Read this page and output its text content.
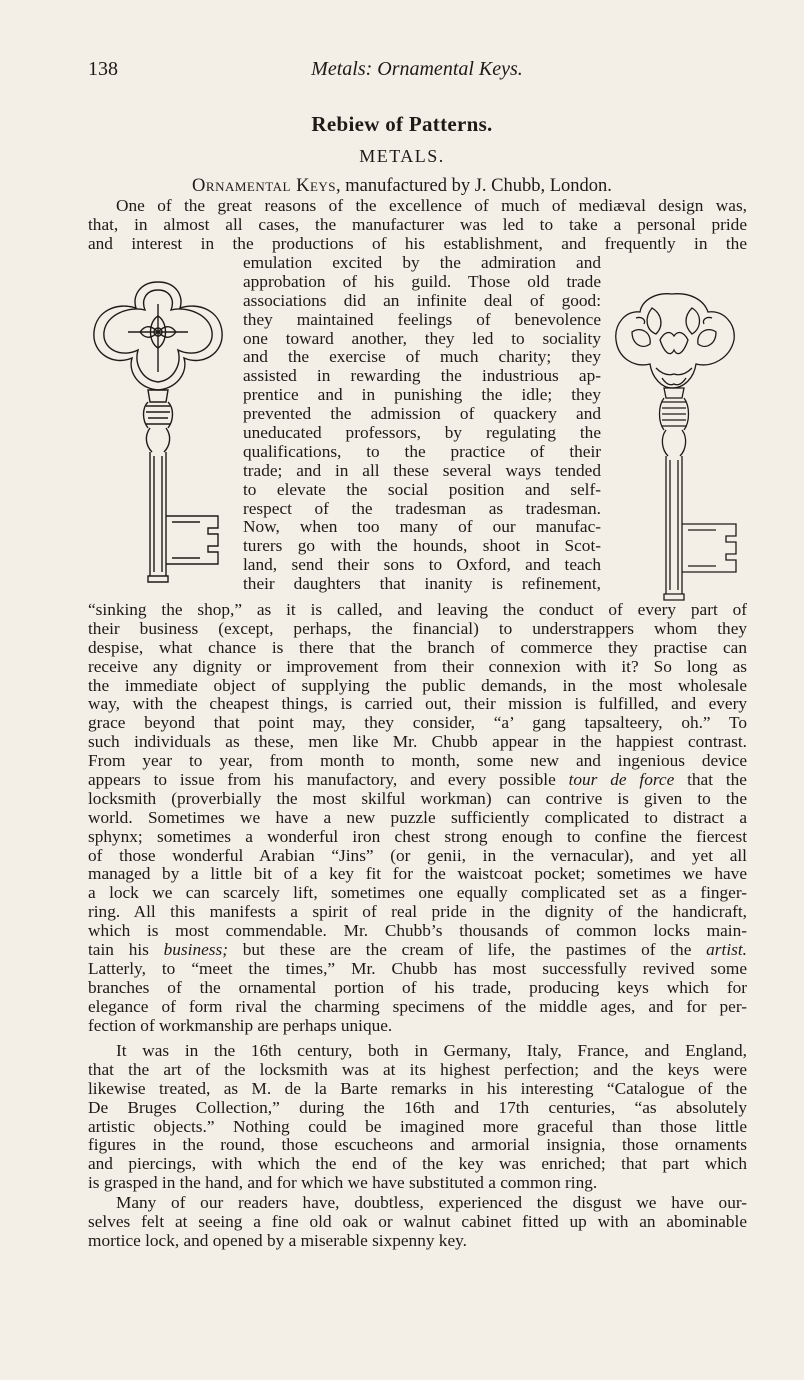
138	Metals: Ornamental Keys.
Rebiew of Patterns.
METALS.
Ornamental Keys, manufactured by J. Chubb, London.
One of the great reasons of the excellence of much of mediæval design was,
that, in almost all cases, the manufacturer was led to take a personal pride
and interest in the productions of his establishment, and frequently in the
emulation excited by the admiration and
approbation of his guild. Those old trade
associations did an infinite deal of good:
they maintained feelings of benevolence
one toward another, they led to sociality
and the exercise of much charity; they
assisted in rewarding the industrious ap-
prentice and in punishing the idle; they
prevented the admission of quackery and
uneducated professors, by regulating the
qualifications, to the practice of their
trade; and in all these several ways tended
to elevate the social position and self-
respect of the tradesman as tradesman.
Now, when too many of our manufac-
turers go with the hounds, shoot in Scot-
land, send their sons to Oxford, and teach
their daughters that inanity is refinement,
“sinking the shop,” as it is called, and leaving the conduct of every part of
their business (except, perhaps, the financial) to understrappers whom they
despise, what chance is there that the branch of commerce they practise can
receive any dignity or improvement from their connexion with it? So long as
the immediate object of supplying the public demands, in the most wholesale
way, with the cheapest things, is carried out, their mission is fulfilled, and every
grace beyond that point may, they consider, “a’ gang tapsalteery, oh.” To
such individuals as these, men like Mr. Chubb appear in the happiest contrast.
From year to year, from month to month, some new and ingenious device
appears to issue from his manufactory, and every possible tour de force that the
locksmith (proverbially the most skilful workman) can contrive is given to the
world. Sometimes we have a new puzzle sufficiently complicated to distract a
sphynx; sometimes a wonderful iron chest strong enough to confine the fiercest
of those wonderful Arabian “Jins” (or genii, in the vernacular), and yet all
managed by a little bit of a key fit for the waistcoat pocket; sometimes we have
a lock we can scarcely lift, sometimes one equally complicated set as a finger-
ring. All this manifests a spirit of real pride in the dignity of the handicraft,
which is most commendable. Mr. Chubb’s thousands of common locks main-
tain his business; but these are the cream of life, the pastimes of the artist.
Latterly, to “meet the times,” Mr. Chubb has most successfully revived some
branches of the ornamental portion of his trade, producing keys which for
elegance of form rival the charming specimens of the middle ages, and for per-
fection of workmanship are perhaps unique.
It was in the 16th century, both in Germany, Italy, France, and England,
that the art of the locksmith was at its highest perfection; and the keys were
likewise treated, as M. de la Barte remarks in his interesting “Catalogue of the
De Bruges Collection,” during the 16th and 17th centuries, “as absolutely
artistic objects.” Nothing could be imagined more graceful than those little
figures in the round, those escucheons and armorial insignia, those ornaments
and piercings, with which the end of the key was enriched; that part which
is grasped in the hand, and for which we have substituted a common ring.
Many of our readers have, doubtless, experienced the disgust we have our-
selves felt at seeing a fine old oak or walnut cabinet fitted up with an abominable
mortice lock, and opened by a miserable sixpenny key.
